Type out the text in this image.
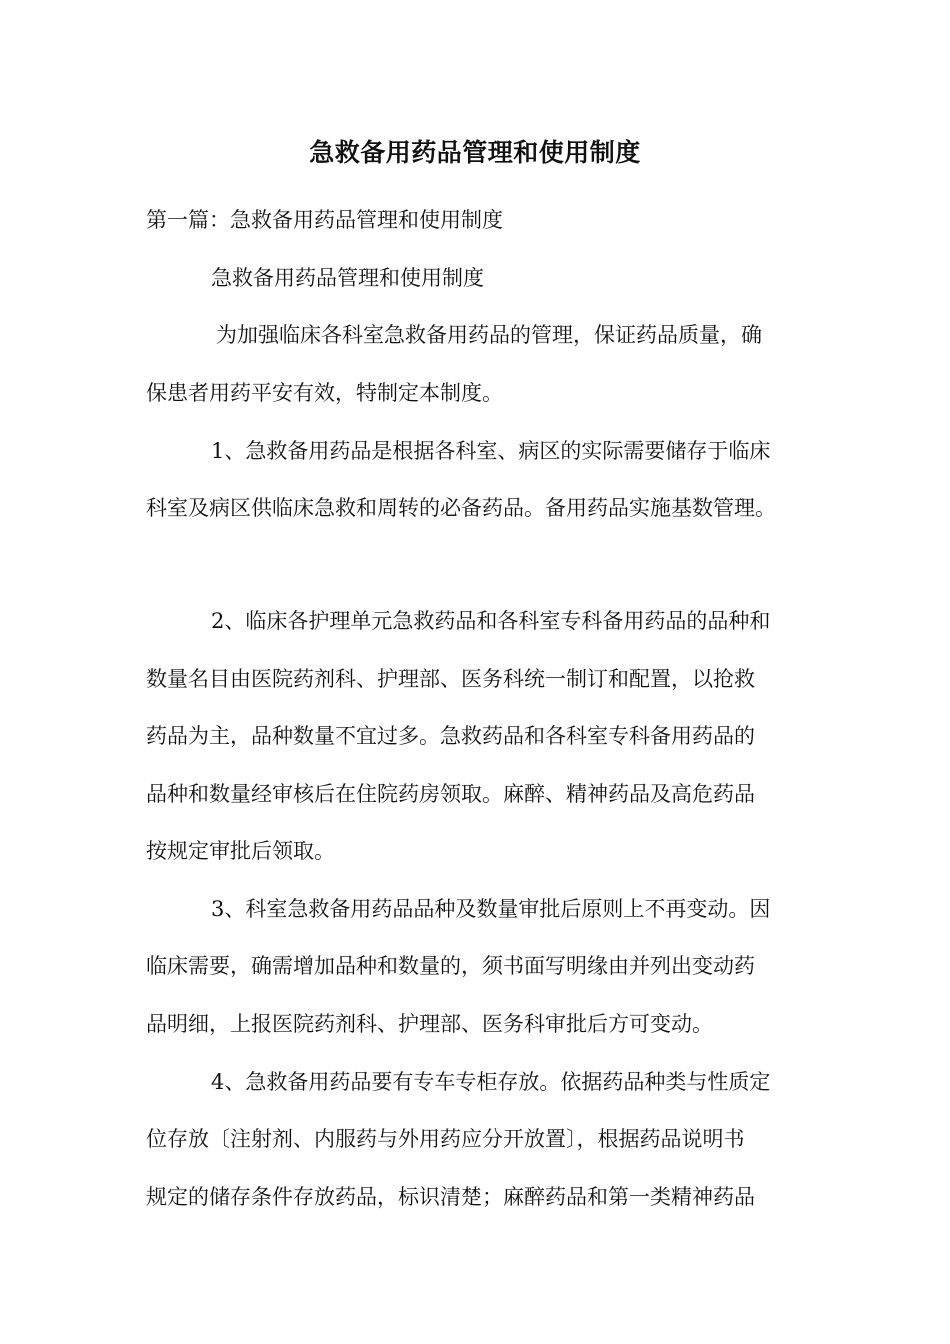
急救备用药品管理和使用制度

第一篇：急救备用药品管理和使用制度

急救备用药品管理和使用制度

为加强临床各科室急救备用药品的管理，保证药品质量，确

保患者用药平安有效，特制定本制度。

1、急救备用药品是根据各科室、病区的实际需要储存于临床

科室及病区供临床急救和周转的必备药品。备用药品实施基数管理。

2、临床各护理单元急救药品和各科室专科备用药品的品种和

数量名目由医院药剂科、护理部、医务科统一制订和配置，以抢救

药品为主，品种数量不宜过多。急救药品和各科室专科备用药品的

品种和数量经审核后在住院药房领取。麻醉、精神药品及高危药品

按规定审批后领取。

3、科室急救备用药品品种及数量审批后原则上不再变动。因

临床需要，确需增加品种和数量的，须书面写明缘由并列出变动药

品明细，上报医院药剂科、护理部、医务科审批后方可变动。

4、急救备用药品要有专车专柜存放。依据药品种类与性质定

位存放〔注射剂、内服药与外用药应分开放置〕，根据药品说明书

规定的储存条件存放药品，标识清楚；麻醉药品和第一类精神药品
